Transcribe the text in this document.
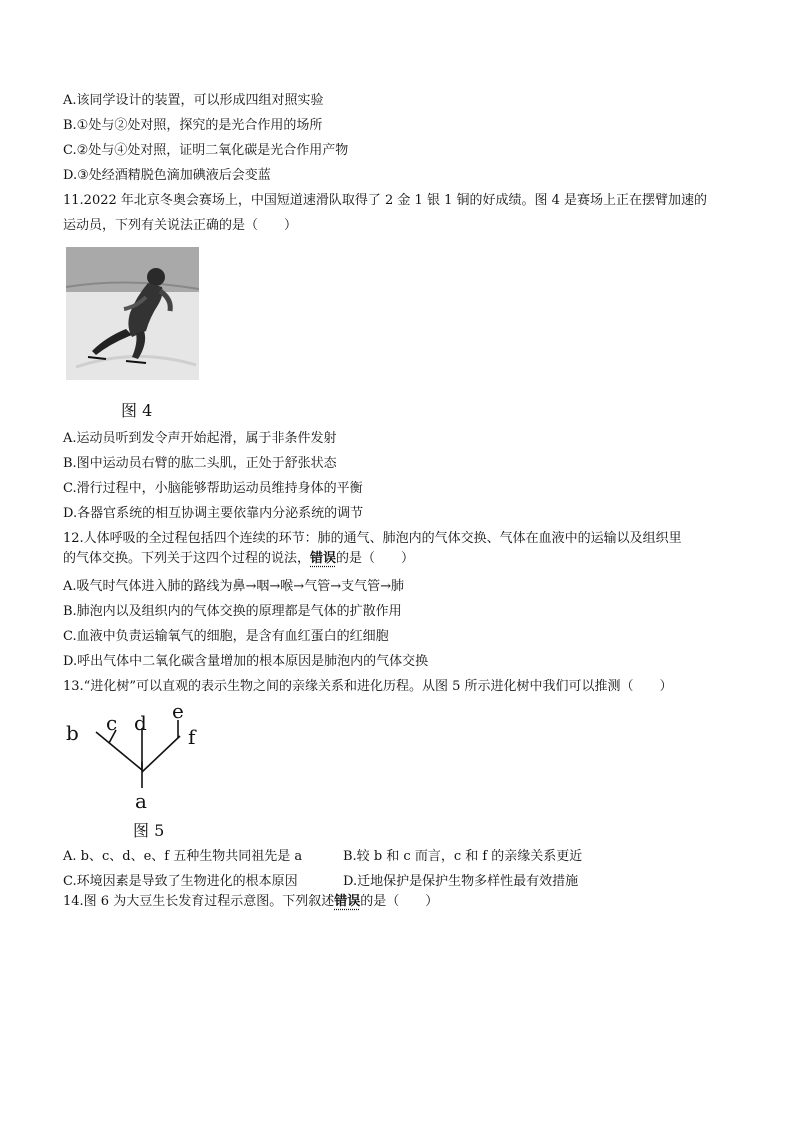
A.该同学设计的装置，可以形成四组对照实验
B.①处与②处对照，探究的是光合作用的场所
C.②处与④处对照，证明二氧化碳是光合作用产物
D.③处经酒精脱色滴加碘液后会变蓝
11.2022 年北京冬奥会赛场上，中国短道速滑队取得了 2 金 1 银 1 铜的好成绩。图 4 是赛场上正在摆臂加速的
运动员，下列有关说法正确的是（　　）
图 4
A.运动员听到发令声开始起滑，属于非条件发射
B.图中运动员右臂的肱二头肌，正处于舒张状态
C.滑行过程中，小脑能够帮助运动员维持身体的平衡
D.各器官系统的相互协调主要依靠内分泌系统的调节
12.人体呼吸的全过程包括四个连续的环节：肺的通气、肺泡内的气体交换、气体在血液中的运输以及组织里
的气体交换。下列关于这四个过程的说法，错误的是（　　）
A.吸气时气体进入肺的路线为鼻→咽→喉→气管→支气管→肺
B.肺泡内以及组织内的气体交换的原理都是气体的扩散作用
C.血液中负责运输氧气的细胞，是含有血红蛋白的红细胞
D.呼出气体中二氧化碳含量增加的根本原因是肺泡内的气体交换
13.“进化树”可以直观的表示生物之间的亲缘关系和进化历程。从图 5 所示进化树中我们可以推测（　　）
b c d e
f
a
图 5
A. b、c、d、e、f 五种生物共同祖先是 a	B.较 b 和 c 而言，c 和 f 的亲缘关系更近
C.环境因素是导致了生物进化的根本原因	D.迁地保护是保护生物多样性最有效措施
14.图 6 为大豆生长发育过程示意图。下列叙述错误的是（　　）
